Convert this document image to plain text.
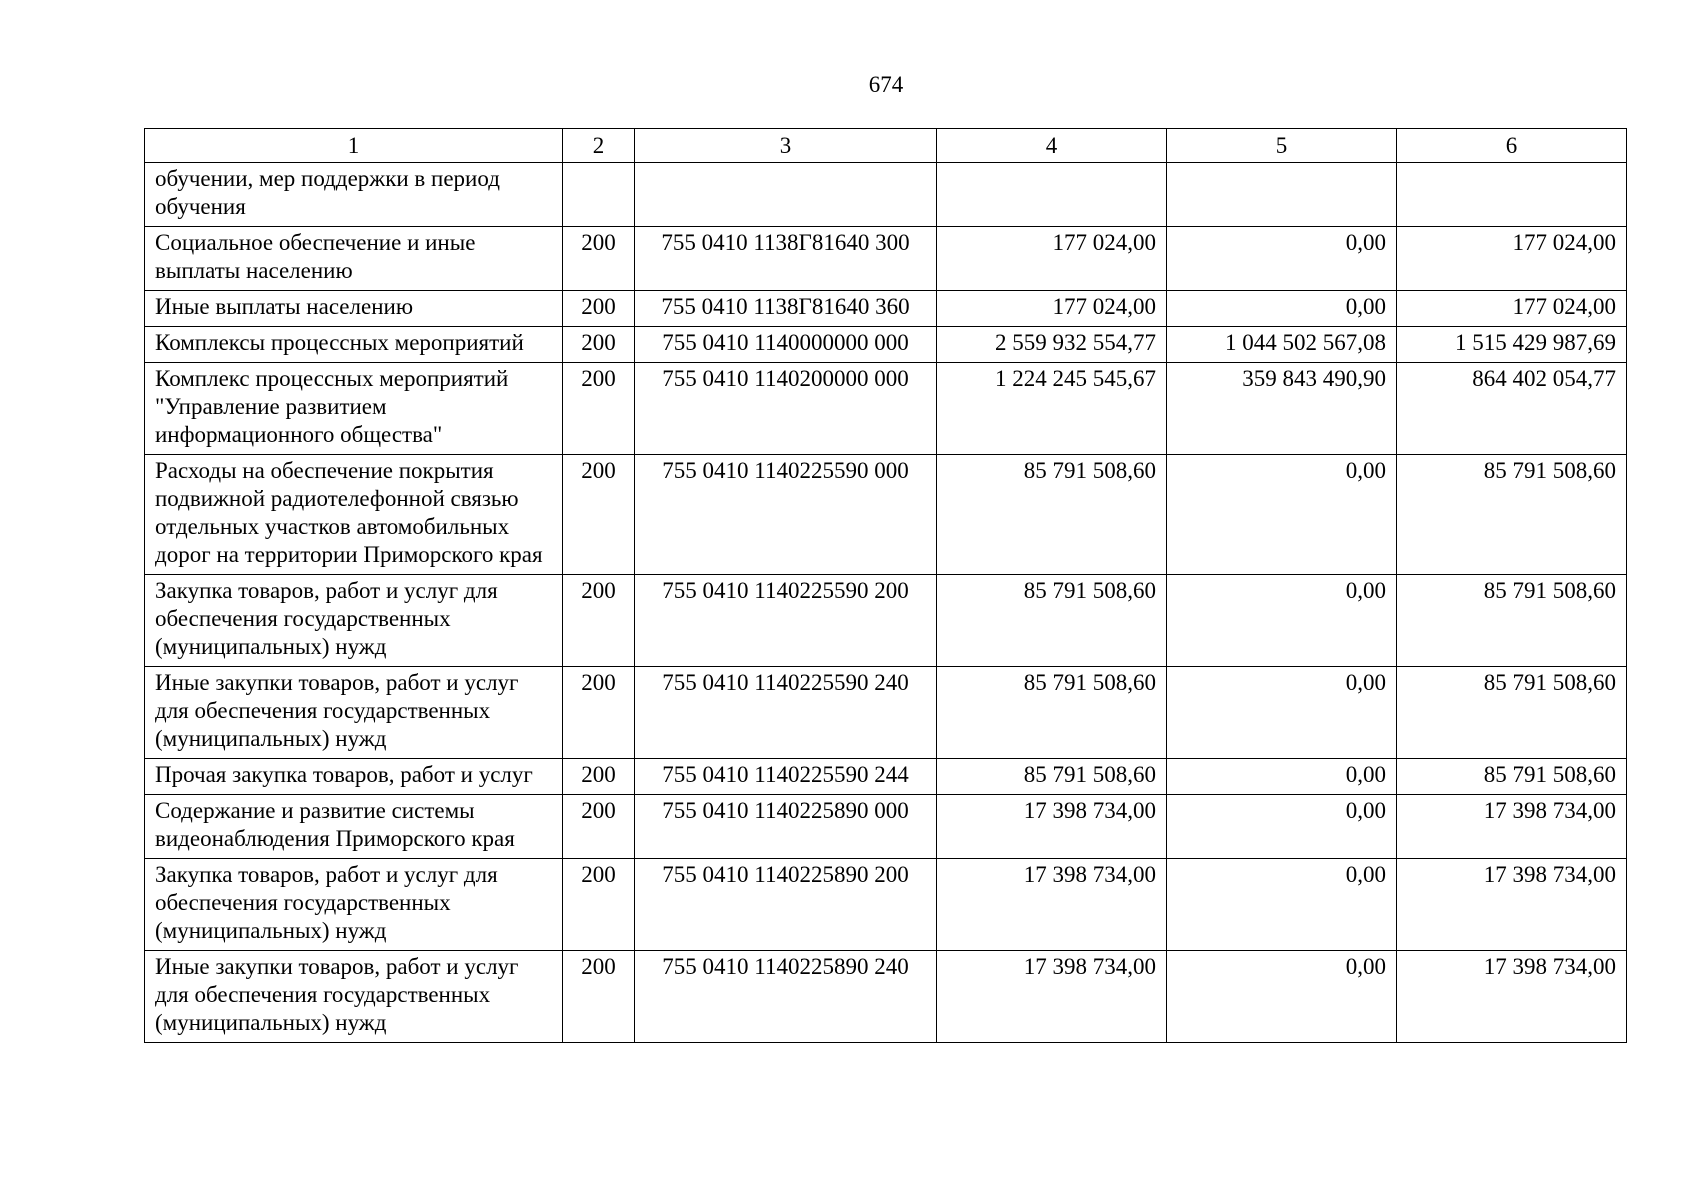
674
1	2	3	4	5	6
обучении, мер поддержки в период обучения					
Социальное обеспечение и иные выплаты населению	200	755 0410 1138Г81640 300	177 024,00	0,00	177 024,00
Иные выплаты населению	200	755 0410 1138Г81640 360	177 024,00	0,00	177 024,00
Комплексы процессных мероприятий	200	755 0410 1140000000 000	2 559 932 554,77	1 044 502 567,08	1 515 429 987,69
Комплекс процессных мероприятий "Управление развитием информационного общества"	200	755 0410 1140200000 000	1 224 245 545,67	359 843 490,90	864 402 054,77
Расходы на обеспечение покрытия подвижной радиотелефонной связью отдельных участков автомобильных дорог на территории Приморского края	200	755 0410 1140225590 000	85 791 508,60	0,00	85 791 508,60
Закупка товаров, работ и услуг для обеспечения государственных (муниципальных) нужд	200	755 0410 1140225590 200	85 791 508,60	0,00	85 791 508,60
Иные закупки товаров, работ и услуг для обеспечения государственных (муниципальных) нужд	200	755 0410 1140225590 240	85 791 508,60	0,00	85 791 508,60
Прочая закупка товаров, работ и услуг	200	755 0410 1140225590 244	85 791 508,60	0,00	85 791 508,60
Содержание и развитие системы видеонаблюдения Приморского края	200	755 0410 1140225890 000	17 398 734,00	0,00	17 398 734,00
Закупка товаров, работ и услуг для обеспечения государственных (муниципальных) нужд	200	755 0410 1140225890 200	17 398 734,00	0,00	17 398 734,00
Иные закупки товаров, работ и услуг для обеспечения государственных (муниципальных) нужд	200	755 0410 1140225890 240	17 398 734,00	0,00	17 398 734,00
